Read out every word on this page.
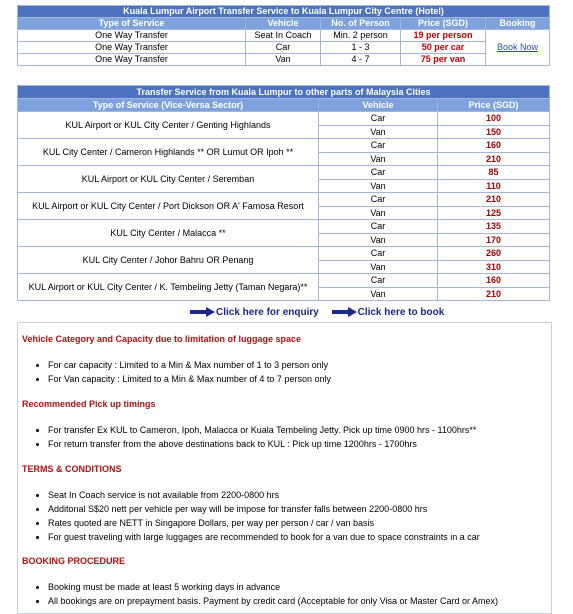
Kuala Lumpur Airport Transfer Service to Kuala Lumpur City Centre (Hotel)				
Type of Service	Vehicle	No. of Person	Price (SGD)	Booking
One Way Transfer	Seat In Coach	Min. 2 person	19 per person	Book Now
One Way Transfer	Car	1 - 3	50 per car	
One Way Transfer	Van	4 - 7	75 per van	
Transfer Service from Kuala Lumpur to other parts of Malaysia Cities		
Type of Service (Vice-Versa Sector)	Vehicle	Price (SGD)
KUL Airport or KUL City Center / Genting Highlands	Car	100
	Van	150
KUL City Center / Cameron Highlands ** OR Lumut OR Ipoh **	Car	160
	Van	210
KUL Airport or KUL City Center / Seremban	Car	85
	Van	110
KUL Airport or KUL City Center / Port Dickson OR A' Famosa Resort	Car	210
	Van	125
KUL City Center / Malacca **	Car	135
	Van	170
KUL City Center / Johor Bahru OR Penang	Car	260
	Van	310
KUL Airport or KUL City Center / K. Tembeling Jetty (Taman Negara)**	Car	160
	Van	210
Click here for enquiry	Click here to book
Vehicle Category and Capacity due to limitation of luggage space
• For car capacity : Limited to a Min & Max number of 1 to 3 person only
• For Van capacity : Limited to a Min & Max number of 4 to 7 person only
Recommended Pick up timings
• For transfer Ex KUL to Cameron, Ipoh, Malacca or Kuala Tembeling Jetty. Pick up time 0900 hrs - 1100hrs**
• For return transfer from the above destinations back to KUL : Pick up time 1200hrs - 1700hrs
TERMS & CONDITIONS
• Seat In Coach service is not available from 2200-0800 hrs
• Additonal S$20 nett per vehicle per way will be impose for transfer falls between 2200-0800 hrs
• Rates quoted are NETT in Singapore Dollars, per way per person / car / van basis
• For guest traveling with large luggages are recommended to book for a van due to space constraints in a car
BOOKING PROCEDURE
• Booking must be made at least 5 working days in advance
• All bookings are on prepayment basis. Payment by credit card (Acceptable for only Visa or Master Card or Amex)
